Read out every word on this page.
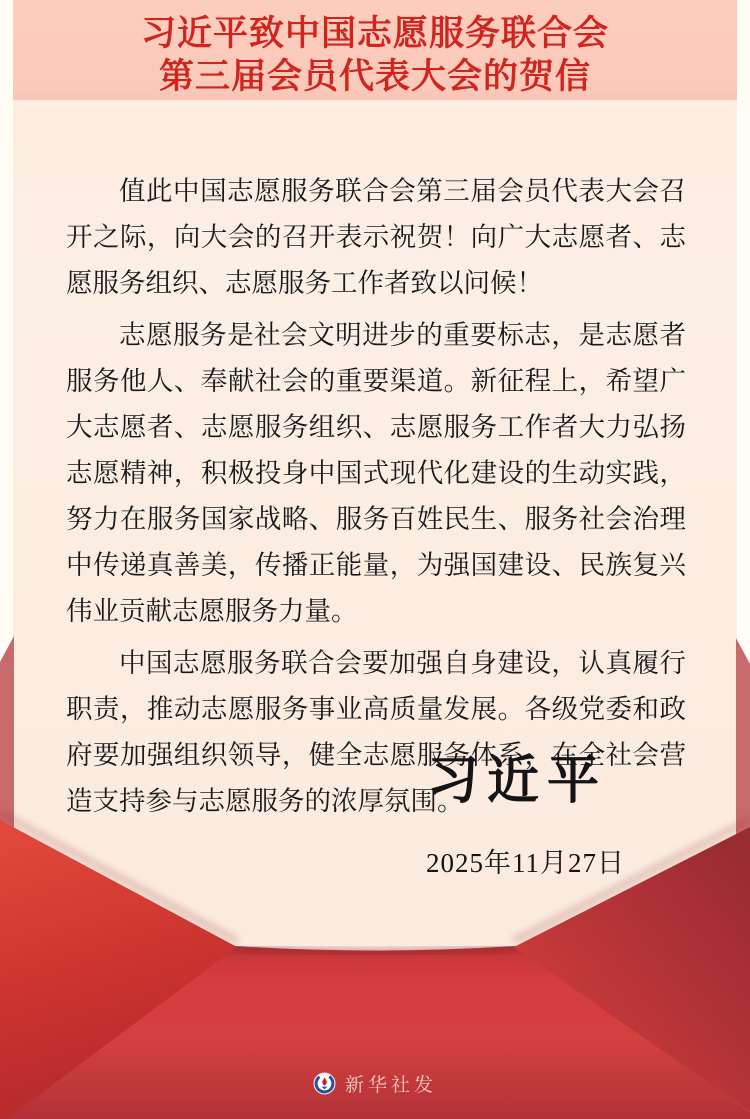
习近平致中国志愿服务联合会
第三届会员代表大会的贺信

值此中国志愿服务联合会第三届会员代表大会召开之际，向大会的召开表示祝贺！向广大志愿者、志愿服务组织、志愿服务工作者致以问候！

志愿服务是社会文明进步的重要标志，是志愿者服务他人、奉献社会的重要渠道。新征程上，希望广大志愿者、志愿服务组织、志愿服务工作者大力弘扬志愿精神，积极投身中国式现代化建设的生动实践，努力在服务国家战略、服务百姓民生、服务社会治理中传递真善美，传播正能量，为强国建设、民族复兴伟业贡献志愿服务力量。

中国志愿服务联合会要加强自身建设，认真履行职责，推动志愿服务事业高质量发展。各级党委和政府要加强组织领导，健全志愿服务体系，在全社会营造支持参与志愿服务的浓厚氛围。

习近平
2025年11月27日
新华社发
